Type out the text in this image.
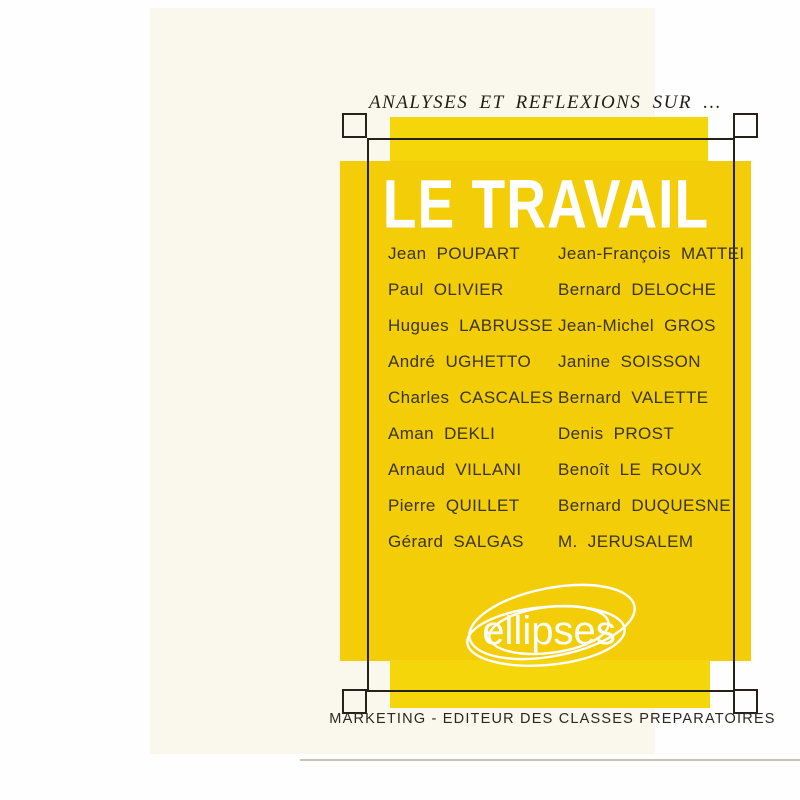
ANALYSES ET REFLEXIONS SUR ...
LE TRAVAIL
Jean POUPART Jean-François MATTEI
Paul OLIVIER	Bernard DELOCHE
Hugues LABRUSSE Jean-Michel GROS
André UGHETTO Janine SOISSON
Charles CASCALES Bernard VALETTE
Aman DEKLI	Denis PROST
Arnaud VILLANI Benoît LE ROUX
Pierre QUILLET Bernard DUQUESNE
Gérard SALGAS M. JERUSALEM
ellipses
MARKETING - EDITEUR DES CLASSES PREPARATOIRES
